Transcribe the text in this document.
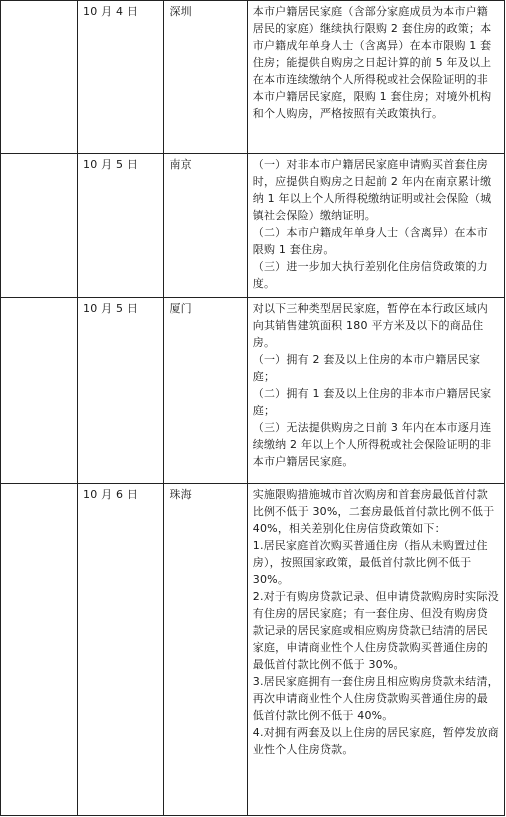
	10 月 4 日	深圳	本市户籍居民家庭（含部分家庭成员为本市户籍居民的家庭）继续执行限购 2 套住房的政策；本市户籍成年单身人士（含离异）在本市限购 1 套住房；能提供自购房之日起计算的前 5 年及以上在本市连续缴纳个人所得税或社会保险证明的非本市户籍居民家庭，限购 1 套住房；对境外机构和个人购房，严格按照有关政策执行。

	10 月 5 日	南京	（一）对非本市户籍居民家庭申请购买首套住房时，应提供自购房之日起前 2 年内在南京累计缴纳 1 年以上个人所得税缴纳证明或社会保险（城镇社会保险）缴纳证明。

（二）本市户籍成年单身人士（含离异）在本市限购 1 套住房。

（三）进一步加大执行差别化住房信贷政策的力度。

	10 月 5 日	厦门	对以下三种类型居民家庭，暂停在本行政区域内向其销售建筑面积 180 平方米及以下的商品住房。

（一）拥有 2 套及以上住房的本市户籍居民家庭；

（二）拥有 1 套及以上住房的非本市户籍居民家庭；

（三）无法提供购房之日前 3 年内在本市逐月连续缴纳 2 年以上个人所得税或社会保险证明的非本市户籍居民家庭。

	10 月 6 日	珠海	实施限购措施城市首次购房和首套房最低首付款比例不低于 30%，二套房最低首付款比例不低于 40%，相关差别化住房信贷政策如下：

1.居民家庭首次购买普通住房（指从未购置过住房），按照国家政策，最低首付款比例不低于 30%。

2.对于有购房贷款记录、但申请贷款购房时实际没有住房的居民家庭；有一套住房、但没有购房贷款记录的居民家庭或相应购房贷款已结清的居民家庭，申请商业性个人住房贷款购买普通住房的最低首付款比例不低于 30%。

3.居民家庭拥有一套住房且相应购房贷款未结清，再次申请商业性个人住房贷款购买普通住房的最低首付款比例不低于 40%。

4.对拥有两套及以上住房的居民家庭，暂停发放商业性个人住房贷款。
